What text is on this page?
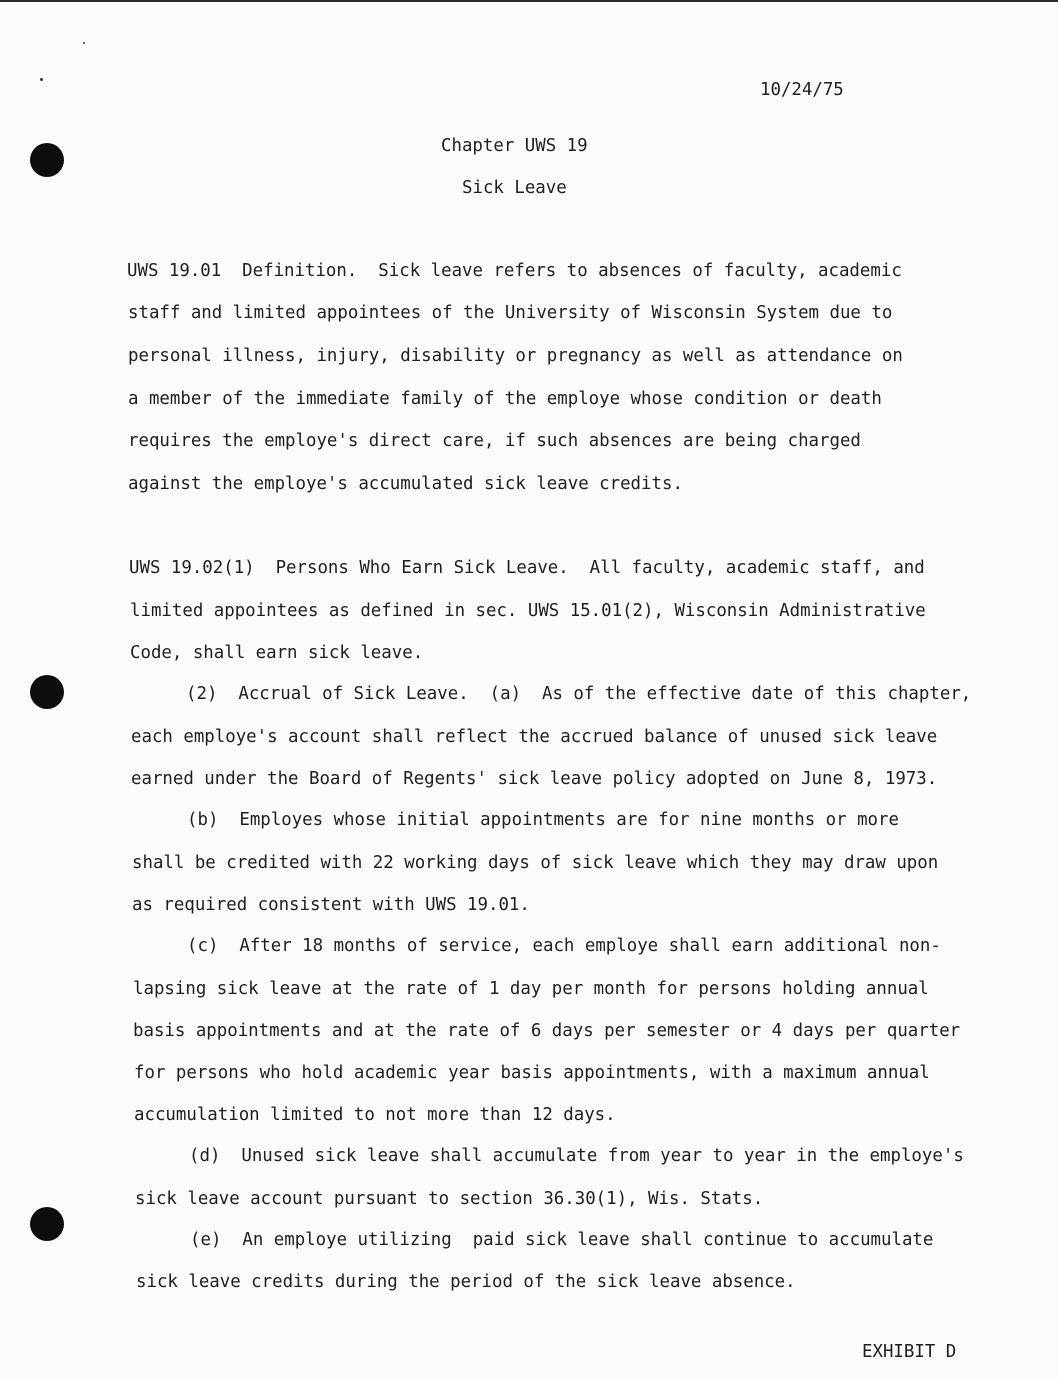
10/24/75
Chapter UWS 19
Sick Leave
UWS 19.01  Definition.  Sick leave refers to absences of faculty, academic
staff and limited appointees of the University of Wisconsin System due to
personal illness, injury, disability or pregnancy as well as attendance on
a member of the immediate family of the employe whose condition or death
requires the employe's direct care, if such absences are being charged
against the employe's accumulated sick leave credits.
UWS 19.02(1)  Persons Who Earn Sick Leave.  All faculty, academic staff, and
limited appointees as defined in sec. UWS 15.01(2), Wisconsin Administrative
Code, shall earn sick leave.
(2)  Accrual of Sick Leave.  (a)  As of the effective date of this chapter,
each employe's account shall reflect the accrued balance of unused sick leave
earned under the Board of Regents' sick leave policy adopted on June 8, 1973.
(b)  Employes whose initial appointments are for nine months or more
shall be credited with 22 working days of sick leave which they may draw upon
as required consistent with UWS 19.01.
(c)  After 18 months of service, each employe shall earn additional non-
lapsing sick leave at the rate of 1 day per month for persons holding annual
basis appointments and at the rate of 6 days per semester or 4 days per quarter
for persons who hold academic year basis appointments, with a maximum annual
accumulation limited to not more than 12 days.
(d)  Unused sick leave shall accumulate from year to year in the employe's
sick leave account pursuant to section 36.30(1), Wis. Stats.
(e)  An employe utilizing  paid sick leave shall continue to accumulate
sick leave credits during the period of the sick leave absence.
EXHIBIT D
